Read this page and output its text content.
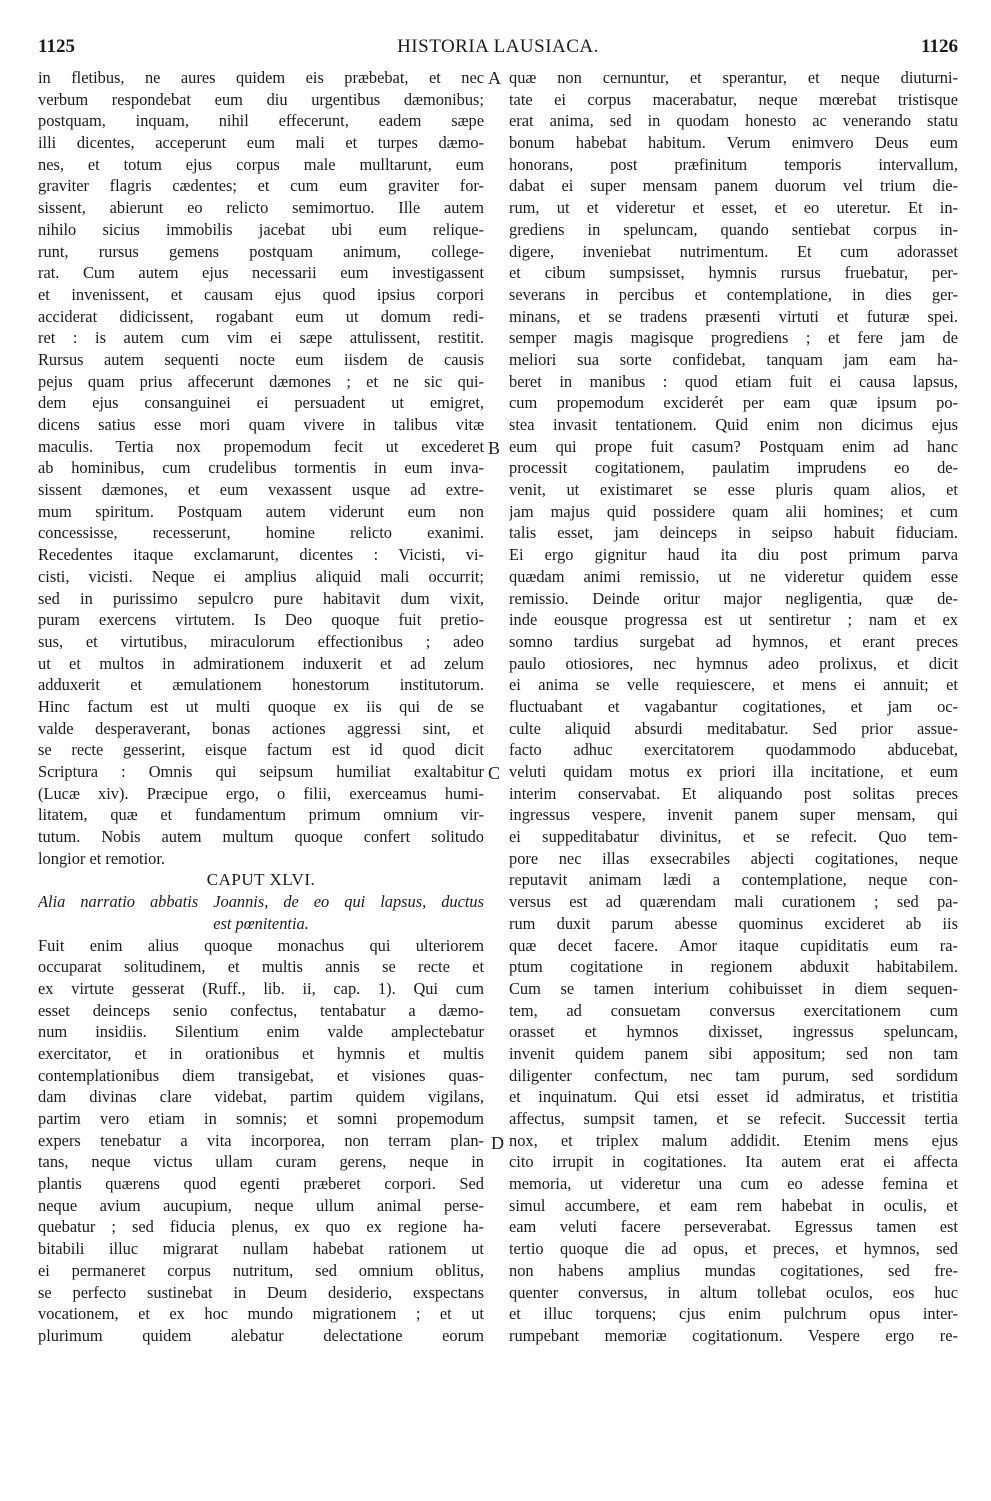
1125	HISTORIA LAUSIACA.	1126
in fletibus, ne aures quidem eis præbebat, et nec
verbum respondebat eum diu urgentibus dæmonibus;
postquam, inquam, nihil effecerunt, eadem sæpe
illi dicentes, acceperunt eum mali et turpes dæmo-
nes, et totum ejus corpus male mulltarunt, eum
graviter flagris cædentes; et cum eum graviter for-
sissent, abierunt eo relicto semimortuo. Ille autem
nihilo sicius immobilis jacebat ubi eum reliquе-
runt, rursus gemens postquam animum, collegе-
rat. Cum autem ejus necessarii eum investigassent
et invenissent, et causam ejus quod ipsius corpori
acciderat didicissent, rogabant eum ut domum redi-
ret : is autem cum vim ei sæpe attulissent, restitit.
Rursus autem sequenti nocte eum iisdem de causis
pejus quam prius affecerunt dæmones ; et ne sic qui-
dem ejus consanguinei ei persuadent ut emigret,
dicens satius esse mori quam vivere in talibus vitæ
maculis. Tertia nox propemodum fecit ut excederet
ab hominibus, cum crudelibus tormentis in eum inva-
sissent dæmones, et eum vexassent usque ad extre-
mum spiritum. Postquam autem viderunt eum non
concessisse, recesserunt, homine relicto exanimi.
Recedentes itaque exclamarunt, dicentes : Vicisti, vi-
cisti, vicisti. Neque ei amplius aliquid mali occurrit;
sed in purissimo sepulcro pure habitavit dum vixit,
puram exercens virtutem. Is Deo quoque fuit pretio-
sus, et virtutibus, miraculorum effectionibus ; adeo
ut et multos in admirationem induxerit et ad zelum
adduxerit et æmulationem honestorum institutorum.
Hinc factum est ut multi quoque ex iis qui de se
valde desperaverant, bonas actiones aggressi sint, et
se recte gesserint, eisque factum est id quod dicit
Scriptura : Omnis qui seipsum humiliat exaltabitur
(Lucæ xiv). Præcipue ergo, o filii, exerceamus humi-
litatem, quæ et fundamentum primum omnium vir-
tutum. Nobis autem multum quoque confert solitudo
longior et remotior.
CAPUT XLVI.
Alia narratio abbatis Joannis, de eo qui lapsus, ductus
est pœnitentia.
Fuit enim alius quoque monachus qui ulteriorem
occuparat solitudinem, et multis annis se recte et
ex virtute gesserat (Ruff., lib. ii, cap. 1). Qui cum
esset deinceps senio confectus, tentabatur a dæmo-
num insidiis. Silentium enim valde amplectebatur
exercitator, et in orationibus et hymnis et multis
contemplationibus diem transigebat, et visiones quas-
dam divinas clare videbat, partim quidem vigilans,
partim vero etiam in somnis; et somni propemodum
expers tenebatur a vita incorporea, non terram plan-
tans, neque victus ullam curam gerens, neque in
plantis quærens quod egenti præberet corpori. Sed
neque avium aucupium, neque ullum animal perse-
quebatur ; sed fiducia plenus, ex quo ex regione ha-
bitabili illuc migrarat nullam habebat rationem ut
ei permaneret corpus nutritum, sed omnium oblitus,
se perfecto sustinebat in Deum desiderio, exspectans
vocationem, et ex hoc mundo migrationem ; et ut
plurimum quidem alebatur delectatione eorum
quæ non cernuntur, et sperantur, et neque diuturni-
tate ei corpus macerabatur, neque mœrebat tristisque
erat anima, sed in quodam honesto ac venerando statu
bonum habebat habitum. Verum enimvero Deus eum
honorans, post præfinitum temporis intervallum,
dabat ei super mensam panem duorum vel trium die-
rum, ut et videretur et esset, et eo uteretur. Et in-
grediens in speluncam, quando sentiebat corpus in-
digere, inveniebat nutrimentum. Et cum adorasset
et cibum sumpsisset, hymnis rursus fruebatur, per-
severans in percibus et contemplatione, in dies ger-
minans, et se tradens præsenti virtuti et futuræ spei.
semper magis magisque progrediens ; et fere jam de
meliori sua sorte confidebat, tanquam jam eam ha-
beret in manibus : quod etiam fuit ei causa lapsus,
cum propemodum exciderét per eam quæ ipsum po-
stea invasit tentationem. Quid enim non dicimus ejus
eum qui prope fuit casum? Postquam enim ad hanc
processit cogitationem, paulatim imprudens eo de-
venit, ut existimaret se esse pluris quam alios, et
jam majus quid possidere quam alii homines; et cum
talis esset, jam deinceps in seipso habuit fiduciam.
Ei ergo gignitur haud ita diu post primum parva
quædam animi remissio, ut ne videretur quidem esse
remissio. Deinde oritur major negligentia, quæ de-
inde eousque progressa est ut sentiretur ; nam et ex
somno tardius surgebat ad hymnos, et erant preces
paulo otiosiores, nec hymnus adeo prolixus, et dicit
ei anima se velle requiescere, et mens ei annuit; et
fluctuabant et vagabantur cogitationes, et jam oc-
culte aliquid absurdi meditabatur. Sed prior assue-
facto adhuc exercitatorem quodammodo abducebat,
veluti quidam motus ex priori illa incitatione, et eum
interim conservabat. Et aliquando post solitas preces
ingressus vespere, invenit panem super mensam, qui
ei suppeditabatur divinitus, et se refecit. Quo tem-
pore nec illas exsecrabiles abjecti cogitationes, neque
reputavit animam lædi a contemplatione, neque con-
versus est ad quærendam mali curationem ; sed pa-
rum duxit parum abesse quominus excideret ab iis
quæ decet facere. Amor itaque cupiditatis eum ra-
ptum cogitatione in regionem abduxit habitabilem.
Cum se tamen interium cohibuisset in diem sequen-
tem, ad consuetam conversus exercitationem cum
orasset et hymnos dixisset, ingressus speluncam,
invenit quidem panem sibi appositum; sed non tam
diligenter confectum, nec tam purum, sed sordidum
et inquinatum. Qui etsi esset id admiratus, et tristitia
affectus, sumpsit tamen, et se refecit. Successit tertia
nox, et triplex malum addidit. Etenim mens ejus
cito irrupit in cogitationes. Ita autem erat ei affecta
memoria, ut videretur una cum eo adesse femina et
simul accumbere, et eam rem habebat in oculis, et
eam veluti facere perseverabat. Egressus tamen est
tertio quoque die ad opus, et preces, et hymnos, sed
non habens amplius mundas cogitationes, sed fre-
quenter conversus, in altum tollebat oculos, eos huc
et illuc torquens; cjus enim pulchrum opus inter-
rumpebant memoriæ cogitationum. Vespere ergo re-
A
B
C
D
